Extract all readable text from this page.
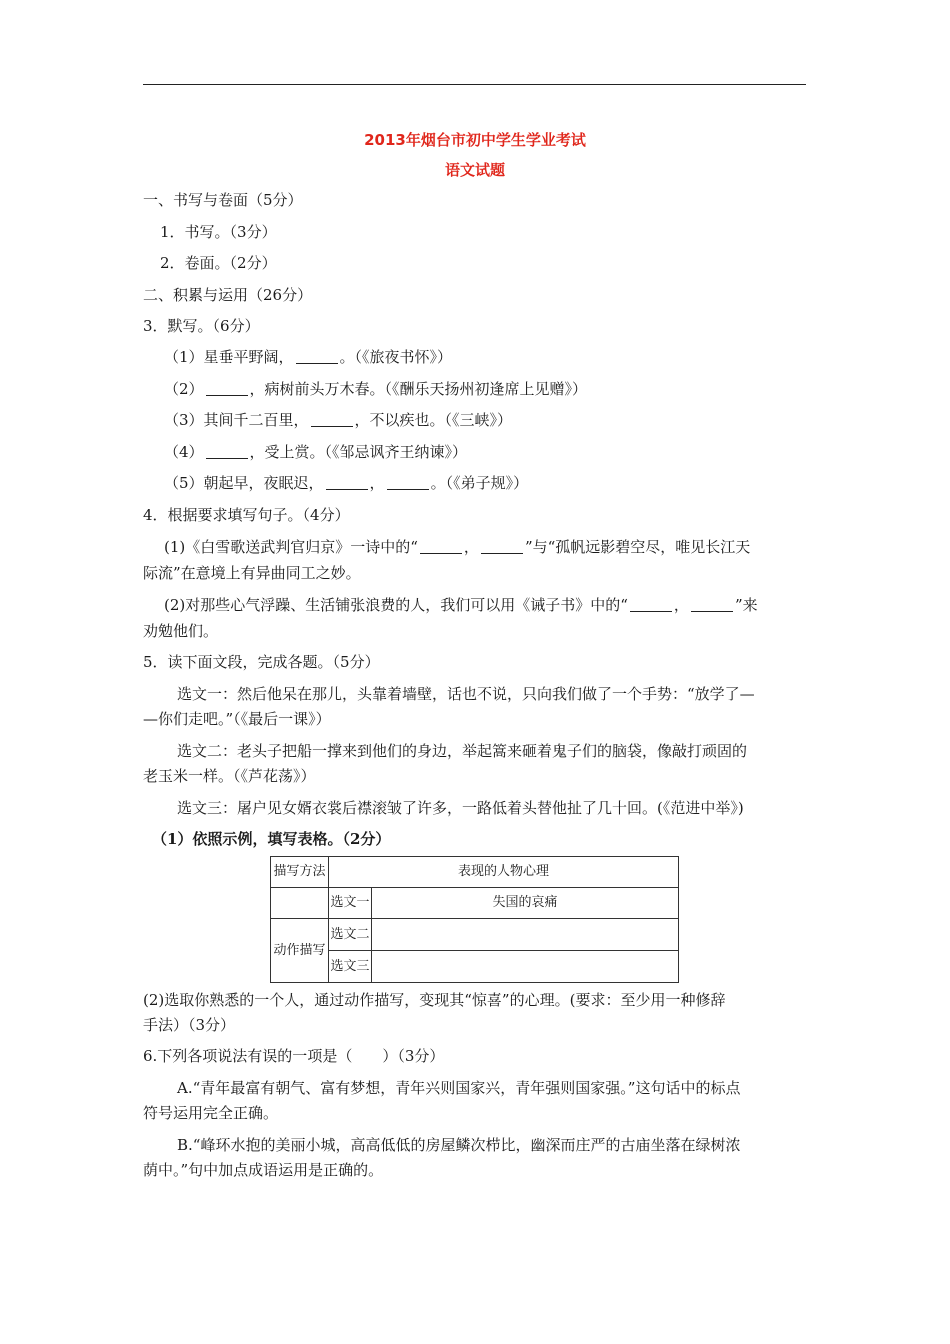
2013年烟台市初中学生学业考试
语文试题
一、书写与卷面（5分）
1．书写。（3分）
2．卷面。（2分）
二、积累与运用（26分）
3．默写。（6分）
（1）星垂平野阔，	。（《旅夜书怀》）
（2）	，病树前头万木春。（《酬乐天扬州初逢席上见赠》）
（3）其间千二百里，	，不以疾也。（《三峡》）
（4）	，受上赏。（《邹忌讽齐王纳谏》）
（5）朝起早，夜眠迟，	，	。（《弟子规》）
4．根据要求填写句子。（4分）
(1)《白雪歌送武判官归京》一诗中的“	，	”与“孤帆远影碧空尽，唯见长江天
际流”在意境上有异曲同工之妙。
(2)对那些心气浮躁、生活铺张浪费的人，我们可以用《诫子书》中的“	，	”来
劝勉他们。
5．读下面文段，完成各题。（5分）
选文一：然后他呆在那儿，头靠着墙壁，话也不说，只向我们做了一个手势：“放学了—
—你们走吧。”（《最后一课》）
选文二：老头子把船一撑来到他们的身边，举起篙来砸着鬼子们的脑袋，像敲打顽固的
老玉米一样。（《芦花荡》）
选文三：屠户见女婿衣裳后襟滚皱了许多，一路低着头替他扯了几十回。(《范进中举》)
（1）依照示例，填写表格。（2分）
描写方法	表现的人物心理	
	选文一	失国的哀痛
动作描写	选文二	
	选文三	
(2)选取你熟悉的一个人，通过动作描写，变现其“惊喜”的心理。(要求：至少用一种修辞
手法）（3分）
6.下列各项说法有误的一项是（　　）（3分）
A.“青年最富有朝气、富有梦想，青年兴则国家兴，青年强则国家强。”这句话中的标点
符号运用完全正确。
B.“峰环水抱的美丽小城，高高低低的房屋鳞次栉比，幽深而庄严的古庙坐落在绿树浓
荫中。”句中加点成语运用是正确的。
